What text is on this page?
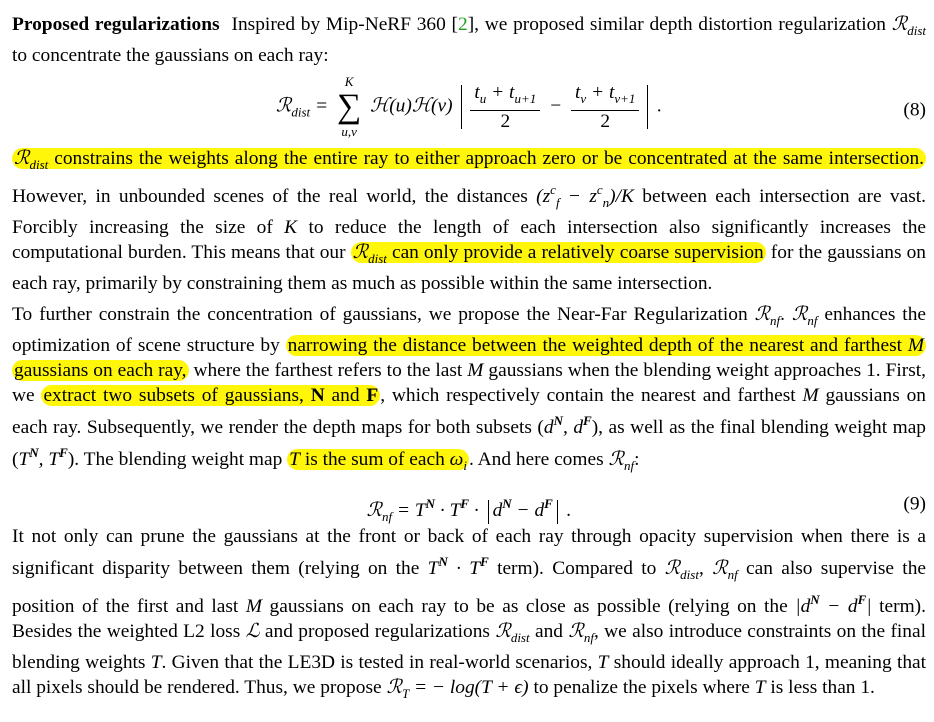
Proposed regularizations Inspired by Mip-NeRF 360 [2], we proposed similar depth distortion regularization ℛ$_{dist}$ to concentrate the gaussians on each ray:

ℛ$_{dist}$ =
K
∑
u,v
ℋ(u)ℋ(v) $\frac{t_u + t_{u+1}}{2} - \frac{t_v + t_{v+1}}{2}$ .	(8)

ℛ$_{dist}$ constrains the weights along the entire ray to either approach zero or be concentrated at the same intersection. However, in unbounded scenes of the real world, the distances $(z^c_f - z^c_n)/K$ between each intersection are vast. Forcibly increasing the size of K to reduce the length of each intersection also significantly increases the computational burden. This means that our ℛ$_{dist}$ can only provide a relatively coarse supervision for the gaussians on each ray, primarily by constraining them as much as possible within the same intersection.

To further constrain the concentration of gaussians, we propose the Near-Far Regularization ℛ$_{nf}$. ℛ$_{nf}$ enhances the optimization of scene structure by narrowing the distance between the weighted depth of the nearest and farthest M gaussians on each ray, where the farthest refers to the last M gaussians when the blending weight approaches 1. First, we extract two subsets of gaussians, N and F , which respectively contain the nearest and farthest M gaussians on each ray. Subsequently, we render the depth maps for both subsets ($d^N$, $d^F$), as well as the final blending weight map ($T^N$, $T^F$). The blending weight map T is the sum of each $\omega_i$ . And here comes ℛ$_{nf}$:

ℛ$_{nf}$ = $T^N \cdot T^F \cdot d^N - d^F$ .	(9)

It not only can prune the gaussians at the front or back of each ray through opacity supervision when there is a significant disparity between them (relying on the $T^N \cdot T^F$ term). Compared to ℛ$_{dist}$, ℛ$_{nf}$ can also supervise the position of the first and last M gaussians on each ray to be as close as possible (relying on the $|d^N - d^F|$ term). Besides the weighted L2 loss ℒ and proposed regularizations ℛ$_{dist}$ and ℛ$_{nf}$, we also introduce constraints on the final blending weights T. Given that the LE3D is tested in real-world scenarios, T should ideally approach 1, meaning that all pixels should be rendered. Thus, we propose ℛ$_T$ = − log(T + ϵ) to penalize the pixels where T is less than 1.
